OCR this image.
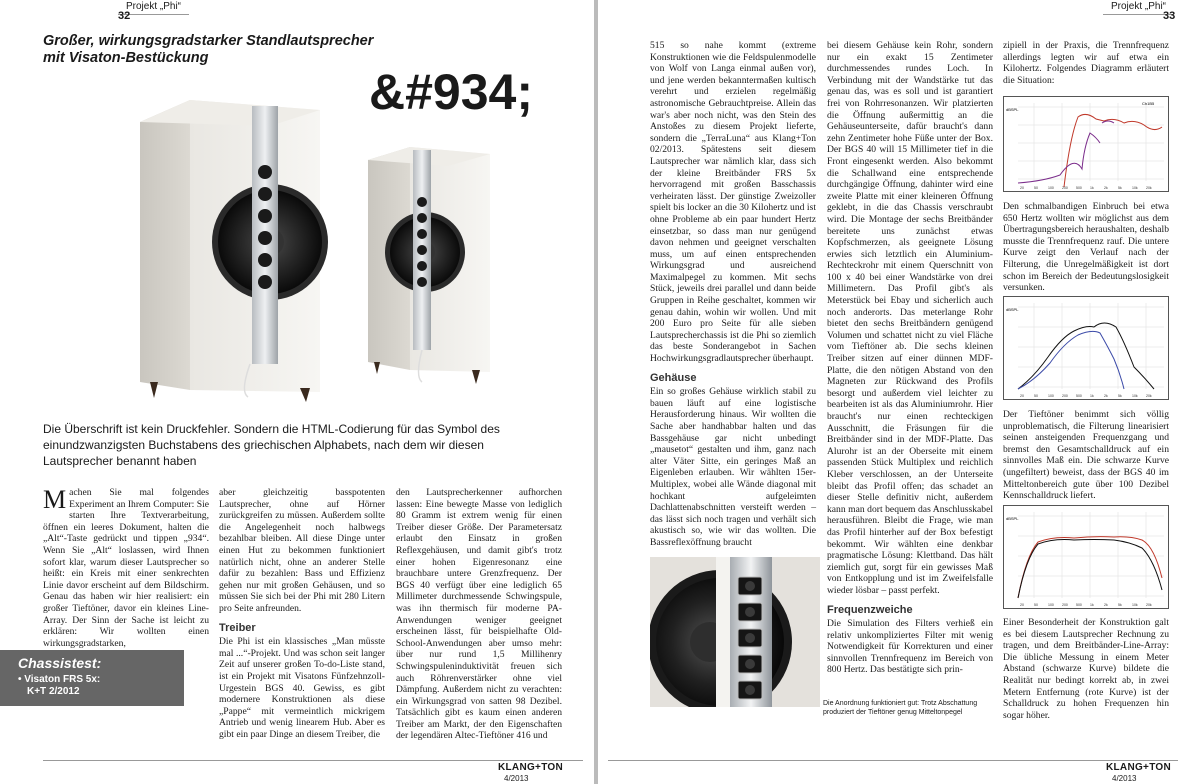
Projekt „Phi“
32
Großer, wirkungsgradstarker Standlautsprecher
mit Visaton-Bestückung
&#934;
Die Überschrift ist kein Druckfehler. Sondern die HTML-Codierung für das Symbol des einundzwanzigsten Buchstabens des griechischen Alphabets, nach dem wir diesen Lautsprecher benannt haben

Machen Sie mal folgendes Experiment an Ihrem Computer: Sie starten Ihre Textverarbeitung, öffnen ein leeres Dokument, halten die „Alt“-Taste gedrückt und tippen „934“. Wenn Sie „Alt“ loslassen, wird Ihnen sofort klar, warum dieser Lautsprecher so heißt: ein Kreis mit einer senkrechten Linie davor erscheint auf dem Bildschirm. Genau das haben wir hier realisiert: ein großer Tieftöner, davor ein kleines Line-Array. Der Sinn der Sache ist leicht zu erklären: Wir wollten einen wirkungsgradstarken,

aber gleichzeitig basspotenten Lautsprecher, ohne auf Hörner zurückgreifen zu müssen. Außerdem sollte die Angelegenheit noch halbwegs bezahlbar bleiben. All diese Dinge unter einen Hut zu bekommen funktioniert natürlich nicht, ohne an anderer Stelle dafür zu bezahlen: Bass und Effizienz gehen nur mit großen Gehäusen, und so müssen Sie sich bei der Phi mit 280 Litern pro Seite anfreunden.

Treiber

Die Phi ist ein klassisches „Man müsste mal ...“-Projekt. Und was schon seit langer Zeit auf unserer großen To-do-Liste stand, ist ein Projekt mit Visatons Fünfzehnzoll-Urgestein BGS 40. Gewiss, es gibt modernere Konstruktionen als diese „Pappe“ mit vermeintlich mickrigem Antrieb und wenig linearem Hub. Aber es gibt ein paar Dinge an diesem Treiber, die

den Lautsprecherkenner aufhorchen lassen: Eine bewegte Masse von lediglich 80 Gramm ist extrem wenig für einen Treiber dieser Größe. Der Parametersatz erlaubt den Einsatz in großen Reflexgehäusen, und damit gibt's trotz einer hohen Eigenresonanz eine brauchbare untere Grenzfrequenz. Der BGS 40 verfügt über eine lediglich 65 Millimeter durchmessende Schwingspule, was ihn thermisch für moderne PA-Anwendungen weniger geeignet erscheinen lässt, für beispielhafte Old-School-Anwendungen aber umso mehr: über nur rund 1,5 Millihenry Schwingspuleninduktivität freuen sich auch Röhrenverstärker ohne viel Dämpfung. Außerdem nicht zu verachten: ein Wirkungsgrad von satten 98 Dezibel. Tatsächlich gibt es kaum einen anderen Treiber am Markt, der den Eigenschaften der legendären Altec-Tieftöner 416 und

Chassistest:
• Visaton FRS 5x:
K+T 2/2012
KLANG+TON 4/2013
Projekt „Phi“
33

515 so nahe kommt (extreme Konstruktionen wie die Feldspulenmodelle von Wolf von Langa einmal außen vor), und jene werden bekanntermaßen kultisch verehrt und erzielen regelmäßig astronomische Gebrauchtpreise. Allein das war's aber noch nicht, was den Stein des Anstoßes zu diesem Projekt lieferte, sondern die „TerraLuna“ aus Klang+Ton 02/2013. Spätestens seit diesem Lautsprecher war nämlich klar, dass sich der kleine Breitbänder FRS 5x hervorragend mit großen Basschassis verheiraten lässt. Der günstige Zweizoller spielt bis locker an die 30 Kilohertz und ist ohne Probleme ab ein paar hundert Hertz einsetzbar, so dass man nur genügend davon nehmen und geeignet verschalten muss, um auf einen entsprechenden Wirkungsgrad und ausreichend Maximalpegel zu kommen. Mit sechs Stück, jeweils drei parallel und dann beide Gruppen in Reihe geschaltet, kommen wir genau dahin, wohin wir wollen. Und mit 200 Euro pro Seite für alle sieben Lautsprecherchassis ist die Phi so ziemlich das beste Sonderangebot in Sachen Hochwirkungsgradlautsprecher überhaupt.

Gehäuse

Ein so großes Gehäuse wirklich stabil zu bauen läuft auf eine logistische Herausforderung hinaus. Wir wollten die Sache aber handhabbar halten und das Bassgehäuse gar nicht unbedingt „mausetot“ gestalten und ihm, ganz nach alter Väter Sitte, ein geringes Maß an Eigenleben erlauben. Wir wählten 15er-Multiplex, wobei alle Wände diagonal mit hochkant aufgeleimten Dachlattenabschnitten versteift werden – das lässt sich noch tragen und verhält sich akustisch so, wie wir das wollten. Die Bassreflexöffnung braucht

bei diesem Gehäuse kein Rohr, sondern nur ein exakt 15 Zentimeter durchmessendes rundes Loch. In Verbindung mit der Wandstärke tut das genau das, was es soll und ist garantiert frei von Rohrresonanzen. Wir platzierten die Öffnung außermittig an die Gehäuseunterseite, dafür braucht's dann zehn Zentimeter hohe Füße unter der Box. Der BGS 40 will 15 Millimeter tief in die Front eingesenkt werden. Also bekommt die Schallwand eine entsprechende durchgängige Öffnung, dahinter wird eine zweite Platte mit einer kleineren Öffnung geklebt, in die das Chassis verschraubt wird. Die Montage der sechs Breitbänder bereitete uns zunächst etwas Kopfschmerzen, als geeignete Lösung erwies sich letztlich ein Aluminium-Rechteckrohr mit einem Querschnitt von 100 x 40 bei einer Wandstärke von drei Millimetern. Das Profil gibt's als Meterstück bei Ebay und sicherlich auch noch anderorts. Das meterlange Rohr bietet den sechs Breitbändern genügend Volumen und schattet nicht zu viel Fläche vom Tieftöner ab. Die sechs kleinen Treiber sitzen auf einer dünnen MDF-Platte, die den nötigen Abstand von den Magneten zur Rückwand des Profils besorgt und außerdem viel leichter zu bearbeiten ist als das Aluminiumrohr. Hier braucht's nur einen rechteckigen Ausschnitt, die Fräsungen für die Breitbänder sind in der MDF-Platte. Das Alurohr ist an der Oberseite mit einem passenden Stück Multiplex und reichlich Kleber verschlossen, an der Unterseite bleibt das Profil offen; das schadet an dieser Stelle definitiv nicht, außerdem kann man dort bequem das Anschlusskabel herausführen. Bleibt die Frage, wie man das Profil hinterher auf der Box befestigt bekommt. Wir wählten eine denkbar pragmatische Lösung: Klettband. Das hält ziemlich gut, sorgt für ein gewisses Maß von Entkopplung und ist im Zweifelsfalle wieder lösbar – passt perfekt.

Frequenzweiche

Die Simulation des Filters verhieß ein relativ unkompliziertes Filter mit wenig Notwendigkeit für Korrekturen und einer sinnvollen Trennfrequenz im Bereich von 800 Hertz. Das bestätigte sich prin-

zipiell in der Praxis, die Trennfrequenz allerdings legten wir auf etwa ein Kilohertz. Folgendes Diagramm erläutert die Situation:

dBSPL
Ch1B5
20	50	100 200 500 1k	2k	5k	10k 20k

Den schmalbandigen Einbruch bei etwa 650 Hertz wollten wir möglichst aus dem Übertragungsbereich heraushalten, deshalb musste die Trennfrequenz rauf. Die untere Kurve zeigt den Verlauf nach der Filterung, die Unregelmäßigkeit ist dort schon im Bereich der Bedeutungslosigkeit versunken.

dBSPL
20	50	100 200 500 1k	2k	5k	10k 20k

Der Tieftöner benimmt sich völlig unproblematisch, die Filterung linearisiert seinen ansteigenden Frequenzgang und bremst den Gesamtschalldruck auf ein sinnvolles Maß ein. Die schwarze Kurve (ungefiltert) beweist, dass der BGS 40 im Mitteltonbereich gute über 100 Dezibel Kennschalldruck liefert.

dBSPL
20	50	100 200 500 1k	2k	5k	10k 20k

Einer Besonderheit der Konstruktion galt es bei diesem Lautsprecher Rechnung zu tragen, und dem Breitbänder-Line-Array: Die übliche Messung in einem Meter Abstand (schwarze Kurve) bildete die Realität nur bedingt korrekt ab, in zwei Metern Entfernung (rote Kurve) ist der Schalldruck zu hohen Frequenzen hin sogar höher.

Die Anordnung funktioniert gut: Trotz Abschattung produziert der Tieftöner genug Mitteltonpegel
KLANG+TON 4/2013
